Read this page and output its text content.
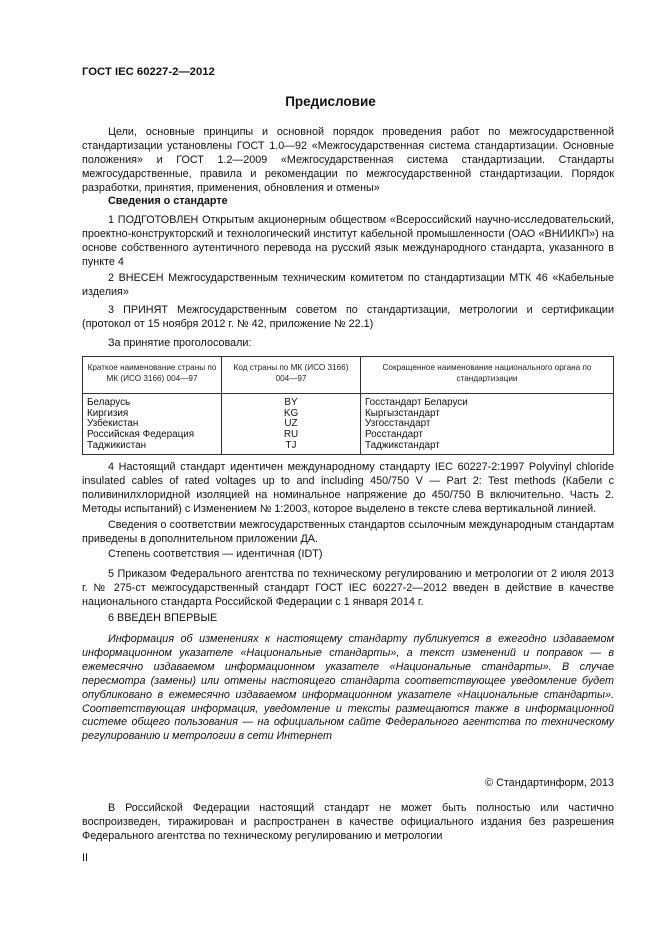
ГОСТ IEC 60227-2—2012
Предисловие

Цели, основные принципы и основной порядок проведения работ по межгосударственной стандартизации установлены ГОСТ 1.0—92 «Межгосударственная система стандартизации. Основные положения» и ГОСТ 1.2—2009 «Межгосударственная система стандартизации. Стандарты межгосударственные, правила и рекомендации по межгосударственной стандартизации. Порядок разработки, принятия, применения, обновления и отмены»

Сведения о стандарте

1 ПОДГОТОВЛЕН Открытым акционерным обществом «Всероссийский научно-исследовательский, проектно-конструкторский и технологический институт кабельной промышленности (ОАО «ВНИИКП») на основе собственного аутентичного перевода на русский язык международного стандарта, указанного в пункте 4

2 ВНЕСЕН Межгосударственным техническим комитетом по стандартизации МТК 46 «Кабельные изделия»

3 ПРИНЯТ Межгосударственным советом по стандартизации, метрологии и сертификации (протокол от 15 ноября 2012 г. № 42, приложение № 22.1)

За принятие проголосовали:
Краткое наименование страны по МК (ИСО 3166) 004—97	Код страны по МК (ИСО 3166) 004—97	Сокращенное наименование национального органа по стандартизации
Беларусь	BY	Госстандарт Беларуси
Киргизия	KG	Кыргызстандарт
Узбекистан	UZ	Узгосстандарт
Российская Федерация	RU	Росстандарт
Таджикистан	TJ	Таджикстандарт

4 Настоящий стандарт идентичен международному стандарту IEC 60227-2:1997 Polyvinyl chloride insulated cables of rated voltages up to and including 450/750 V — Part 2: Test methods (Кабели с поливинилхлоридной изоляцией на номинальное напряжение до 450/750 В включительно. Часть 2. Методы испытаний) с Изменением № 1:2003, которое выделено в тексте слева вертикальной линией.

Сведения о соответствии межгосударственных стандартов ссылочным международным стандартам приведены в дополнительном приложении ДА.

Степень соответствия — идентичная (IDT)

5 Приказом Федерального агентства по техническому регулированию и метрологии от 2 июля 2013 г. № 275-ст межгосударственный стандарт ГОСТ IEC 60227-2—2012 введен в действие в качестве национального стандарта Российской Федерации с 1 января 2014 г.

6 ВВЕДЕН ВПЕРВЫЕ

Информация об изменениях к настоящему стандарту публикуется в ежегодно издаваемом информационном указателе «Национальные стандарты», а текст изменений и поправок — в ежемесячно издаваемом информационном указателе «Национальные стандарты». В случае пересмотра (замены) или отмены настоящего стандарта соответствующее уведомление будет опубликовано в ежемесячно издаваемом информационном указателе «Национальные стандарты». Соответствующая информация, уведомление и тексты размещаются также в информационной системе общего пользования — на официальном сайте Федерального агентства по техническому регулированию и метрологии в сети Интернет

© Стандартинформ, 2013

В Российской Федерации настоящий стандарт не может быть полностью или частично воспроизведен, тиражирован и распространен в качестве официального издания без разрешения Федерального агентства по техническому регулированию и метрологии

II
